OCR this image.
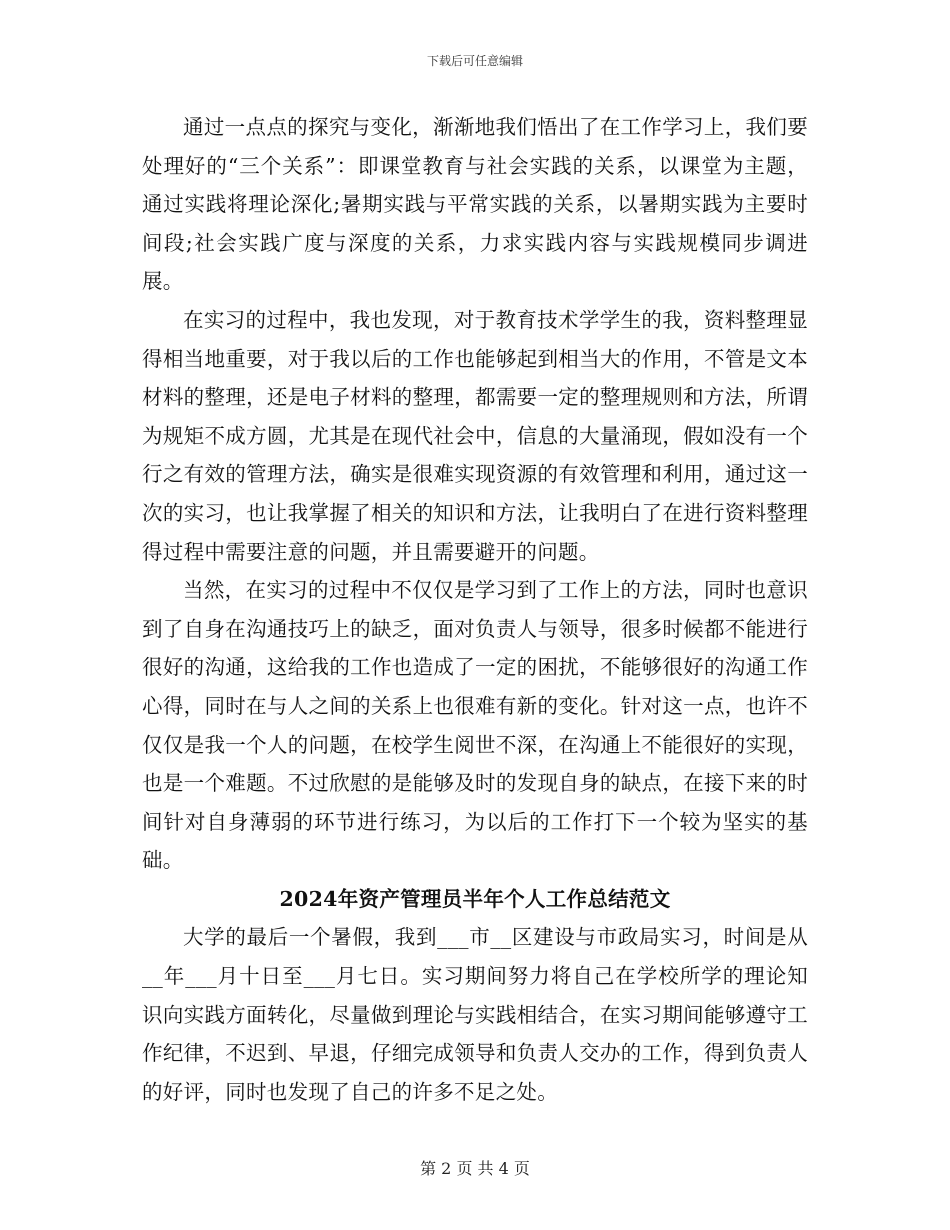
下载后可任意编辑

通过一点点的探究与变化，渐渐地我们悟出了在工作学习上，我们要处理好的“三个关系”：即课堂教育与社会实践的关系，以课堂为主题，通过实践将理论深化;暑期实践与平常实践的关系，以暑期实践为主要时间段;社会实践广度与深度的关系，力求实践内容与实践规模同步调进展。

在实习的过程中，我也发现，对于教育技术学学生的我，资料整理显得相当地重要，对于我以后的工作也能够起到相当大的作用，不管是文本材料的整理，还是电子材料的整理，都需要一定的整理规则和方法，所谓为规矩不成方圆，尤其是在现代社会中，信息的大量涌现，假如没有一个行之有效的管理方法，确实是很难实现资源的有效管理和利用，通过这一次的实习，也让我掌握了相关的知识和方法，让我明白了在进行资料整理得过程中需要注意的问题，并且需要避开的问题。

当然，在实习的过程中不仅仅是学习到了工作上的方法，同时也意识到了自身在沟通技巧上的缺乏，面对负责人与领导，很多时候都不能进行很好的沟通，这给我的工作也造成了一定的困扰，不能够很好的沟通工作心得，同时在与人之间的关系上也很难有新的变化。针对这一点，也许不仅仅是我一个人的问题，在校学生阅世不深，在沟通上不能很好的实现，也是一个难题。不过欣慰的是能够及时的发现自身的缺点，在接下来的时间针对自身薄弱的环节进行练习，为以后的工作打下一个较为坚实的基础。

2024年资产管理员半年个人工作总结范文

大学的最后一个暑假，我到___市__区建设与市政局实习，时间是从__年___月十日至___月七日。实习期间努力将自己在学校所学的理论知识向实践方面转化，尽量做到理论与实践相结合，在实习期间能够遵守工作纪律，不迟到、早退，仔细完成领导和负责人交办的工作，得到负责人的好评，同时也发现了自己的许多不足之处。

第 2 页 共 4 页
